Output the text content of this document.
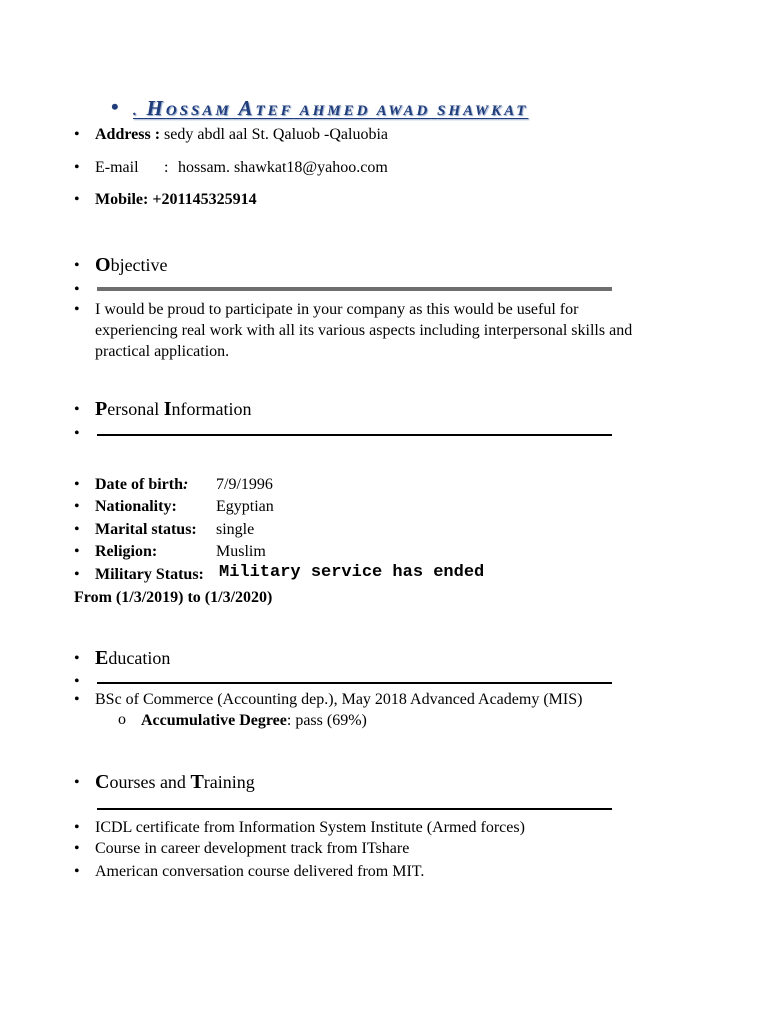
• . HOSSAM ATEF AHMED AWAD SHAWKAT
• Address : sedy abdl aal St. Qaluob -Qaluobia
• E-mail : hossam. shawkat18@yahoo.com
• Mobile: +201145325914
• Objective
•
• I would be proud to participate in your company as this would be useful for
experiencing real work with all its various aspects including interpersonal skills and
practical application.
• Personal Information
•
• Date of birth: 7/9/1996
• Nationality: Egyptian
• Marital status: single
• Religion:	Muslim
• Military Status: Military service has ended
From (1/3/2019) to (1/3/2020)
• Education
•
• BSc of Commerce (Accounting dep.), May 2018 Advanced Academy (MIS)
o Accumulative Degree: pass (69%)
• Courses and Training
• ICDL certificate from Information System Institute (Armed forces)
• Course in career development track from ITshare
• American conversation course delivered from MIT.
